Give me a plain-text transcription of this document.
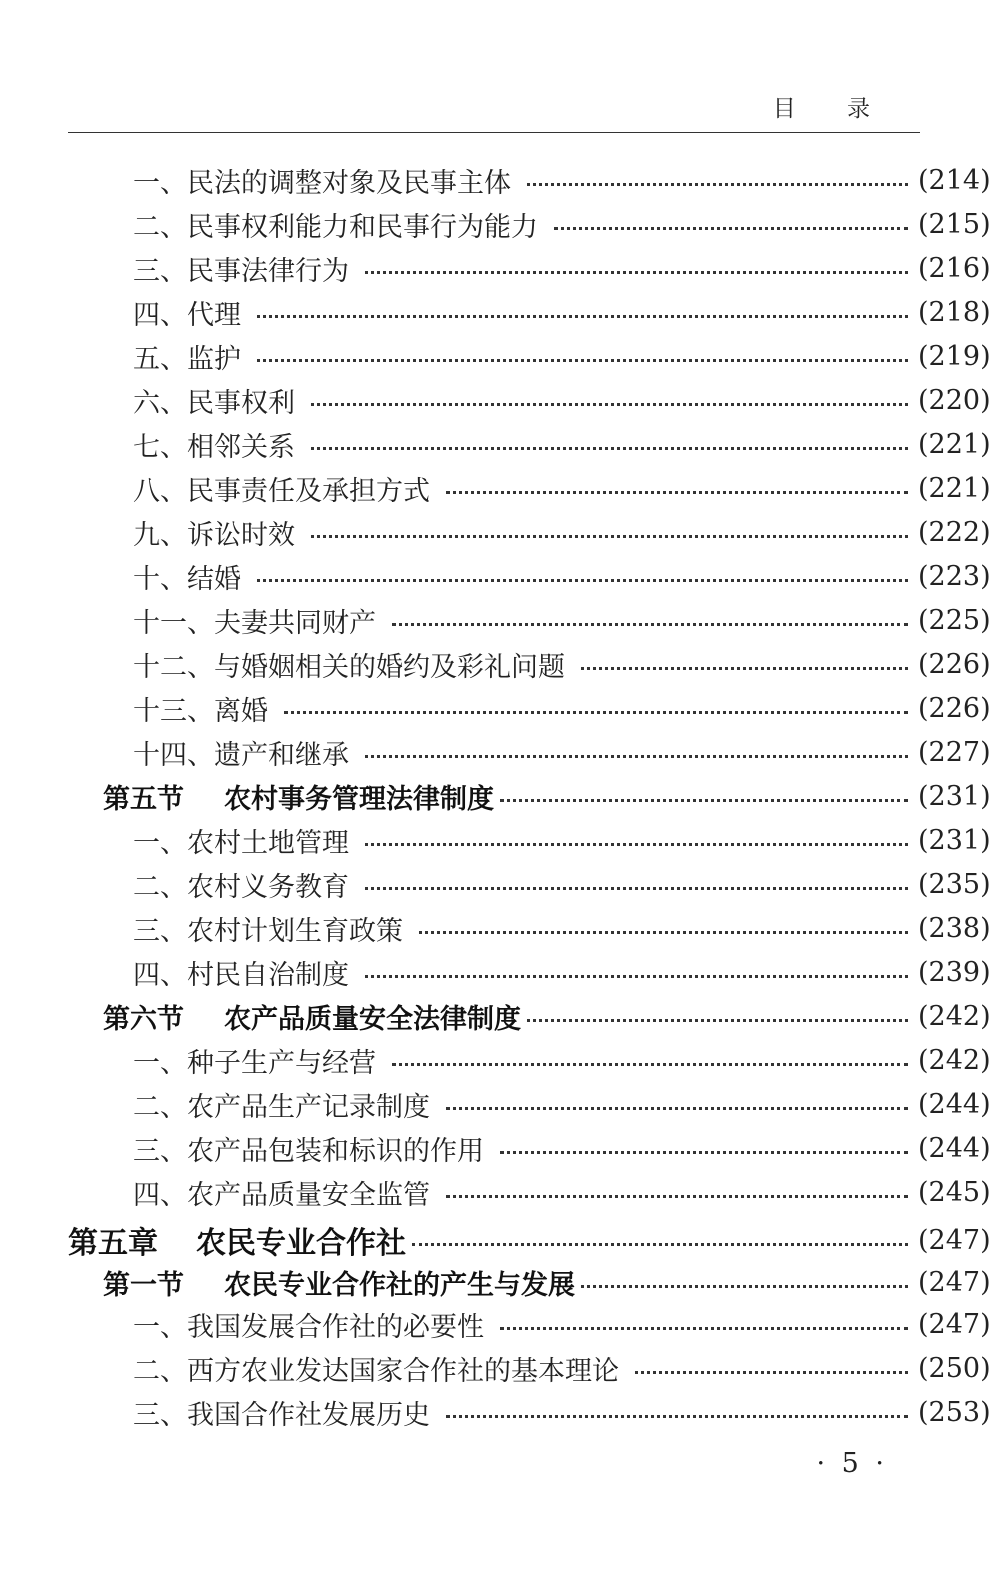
目 录
一、民法的调整对象及民事主体	(214)
二、民事权利能力和民事行为能力	(215)
三、民事法律行为	(216)
四、代理	(218)
五、监护	(219)
六、民事权利	(220)
七、相邻关系	(221)
八、民事责任及承担方式	(221)
九、诉讼时效	(222)
十、结婚	(223)
十一、夫妻共同财产	(225)
十二、与婚姻相关的婚约及彩礼问题	(226)
十三、离婚	(226)
十四、遗产和继承	(227)
第五节 农村事务管理法律制度	(231)
一、农村土地管理	(231)
二、农村义务教育	(235)
三、农村计划生育政策	(238)
四、村民自治制度	(239)
第六节 农产品质量安全法律制度	(242)
一、种子生产与经营	(242)
二、农产品生产记录制度	(244)
三、农产品包装和标识的作用	(244)
四、农产品质量安全监管	(245)
第五章 农民专业合作社	(247)
第一节 农民专业合作社的产生与发展	(247)
一、我国发展合作社的必要性	(247)
二、西方农业发达国家合作社的基本理论	(250)
三、我国合作社发展历史	(253)
· 5 ·
